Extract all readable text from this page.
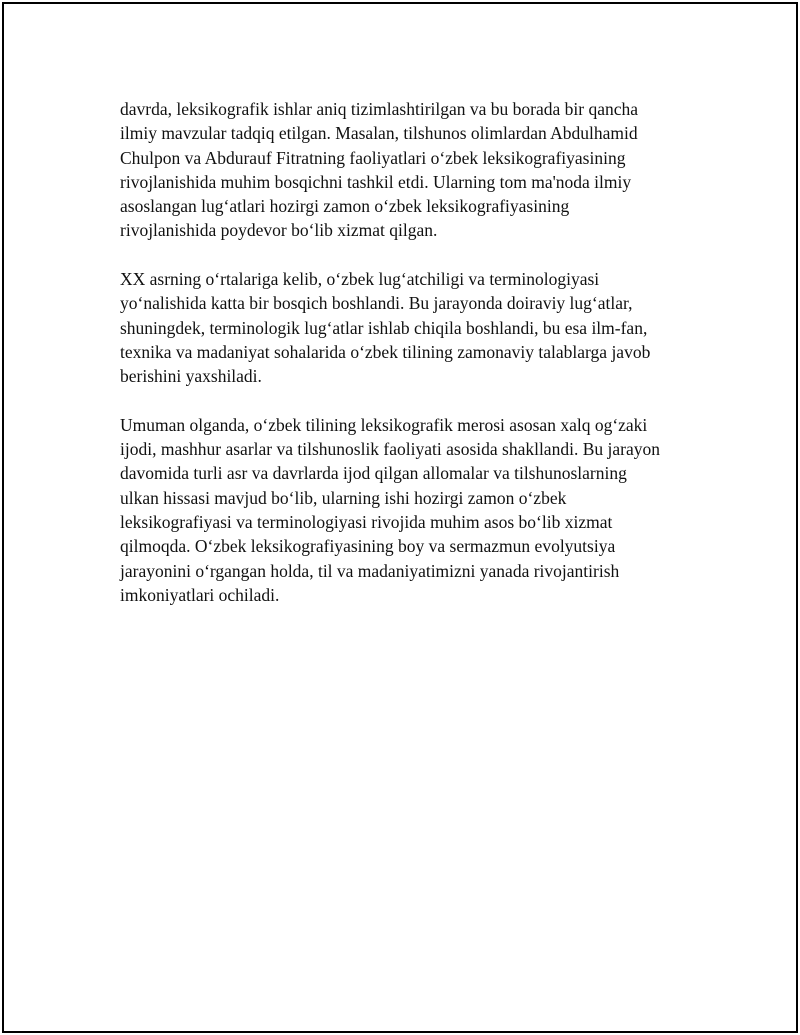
davrda, leksikografik ishlar aniq tizimlashtirilgan va bu borada bir qancha
ilmiy mavzular tadqiq etilgan. Masalan, tilshunos olimlardan Abdulhamid
Chulpon va Abdurauf Fitratning faoliyatlari oʻzbek leksikografiyasining
rivojlanishida muhim bosqichni tashkil etdi. Ularning tom ma'noda ilmiy
asoslangan lugʻatlari hozirgi zamon oʻzbek leksikografiyasining
rivojlanishida poydevor boʻlib xizmat qilgan.

XX asrning oʻrtalariga kelib, oʻzbek lugʻatchiligi va terminologiyasi
yoʻnalishida katta bir bosqich boshlandi. Bu jarayonda doiraviy lugʻatlar,
shuningdek, terminologik lugʻatlar ishlab chiqila boshlandi, bu esa ilm-fan,
texnika va madaniyat sohalarida oʻzbek tilining zamonaviy talablarga javob
berishini yaxshiladi.

Umuman olganda, oʻzbek tilining leksikografik merosi asosan xalq ogʻzaki
ijodi, mashhur asarlar va tilshunoslik faoliyati asosida shakllandi. Bu jarayon
davomida turli asr va davrlarda ijod qilgan allomalar va tilshunoslarning
ulkan hissasi mavjud boʻlib, ularning ishi hozirgi zamon oʻzbek
leksikografiyasi va terminologiyasi rivojida muhim asos boʻlib xizmat
qilmoqda. Oʻzbek leksikografiyasining boy va sermazmun evolyutsiya
jarayonini oʻrgangan holda, til va madaniyatimizni yanada rivojantirish
imkoniyatlari ochiladi.
